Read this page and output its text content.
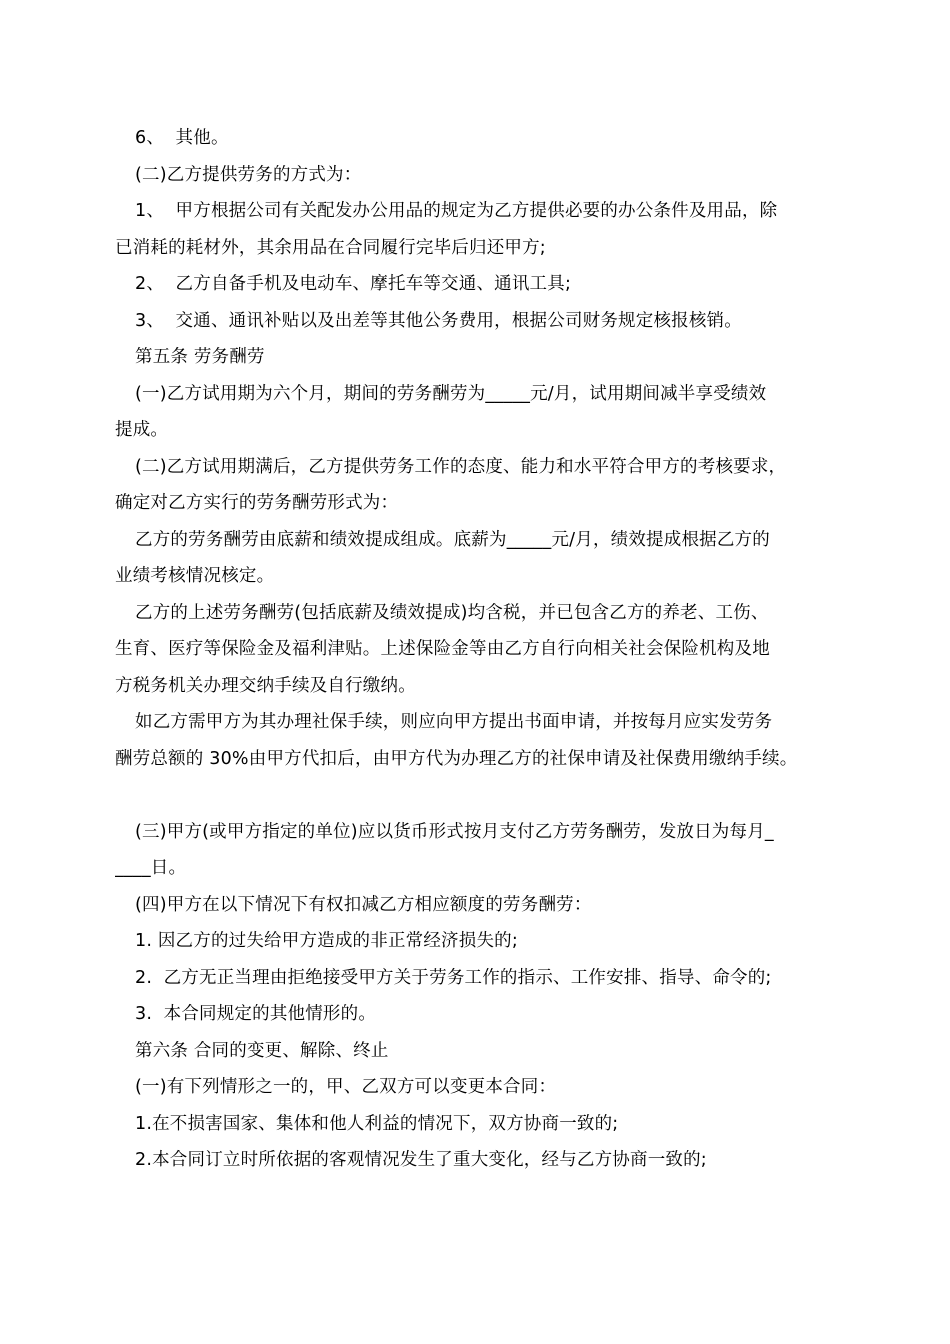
6、  其他。
(二)乙方提供劳务的方式为：
1、  甲方根据公司有关配发办公用品的规定为乙方提供必要的办公条件及用品，除
已消耗的耗材外，其余用品在合同履行完毕后归还甲方;
2、  乙方自备手机及电动车、摩托车等交通、通讯工具;
3、  交通、通讯补贴以及出差等其他公务费用，根据公司财务规定核报核销。
第五条 劳务酬劳
(一)乙方试用期为六个月，期间的劳务酬劳为_____元/月，试用期间减半享受绩效
提成。
(二)乙方试用期满后，乙方提供劳务工作的态度、能力和水平符合甲方的考核要求，
确定对乙方实行的劳务酬劳形式为：
乙方的劳务酬劳由底薪和绩效提成组成。底薪为_____元/月，绩效提成根据乙方的
业绩考核情况核定。
乙方的上述劳务酬劳(包括底薪及绩效提成)均含税，并已包含乙方的养老、工伤、
生育、医疗等保险金及福利津贴。上述保险金等由乙方自行向相关社会保险机构及地
方税务机关办理交纳手续及自行缴纳。
如乙方需甲方为其办理社保手续，则应向甲方提出书面申请，并按每月应实发劳务
酬劳总额的 30%由甲方代扣后，由甲方代为办理乙方的社保申请及社保费用缴纳手续。
(三)甲方(或甲方指定的单位)应以货币形式按月支付乙方劳务酬劳，发放日为每月_
____日。
(四)甲方在以下情况下有权扣减乙方相应额度的劳务酬劳：
1. 因乙方的过失给甲方造成的非正常经济损失的;
2.  乙方无正当理由拒绝接受甲方关于劳务工作的指示、工作安排、指导、命令的;
3.  本合同规定的其他情形的。
第六条 合同的变更、解除、终止
(一)有下列情形之一的，甲、乙双方可以变更本合同：
1.在不损害国家、集体和他人利益的情况下，双方协商一致的;
2.本合同订立时所依据的客观情况发生了重大变化，经与乙方协商一致的;
